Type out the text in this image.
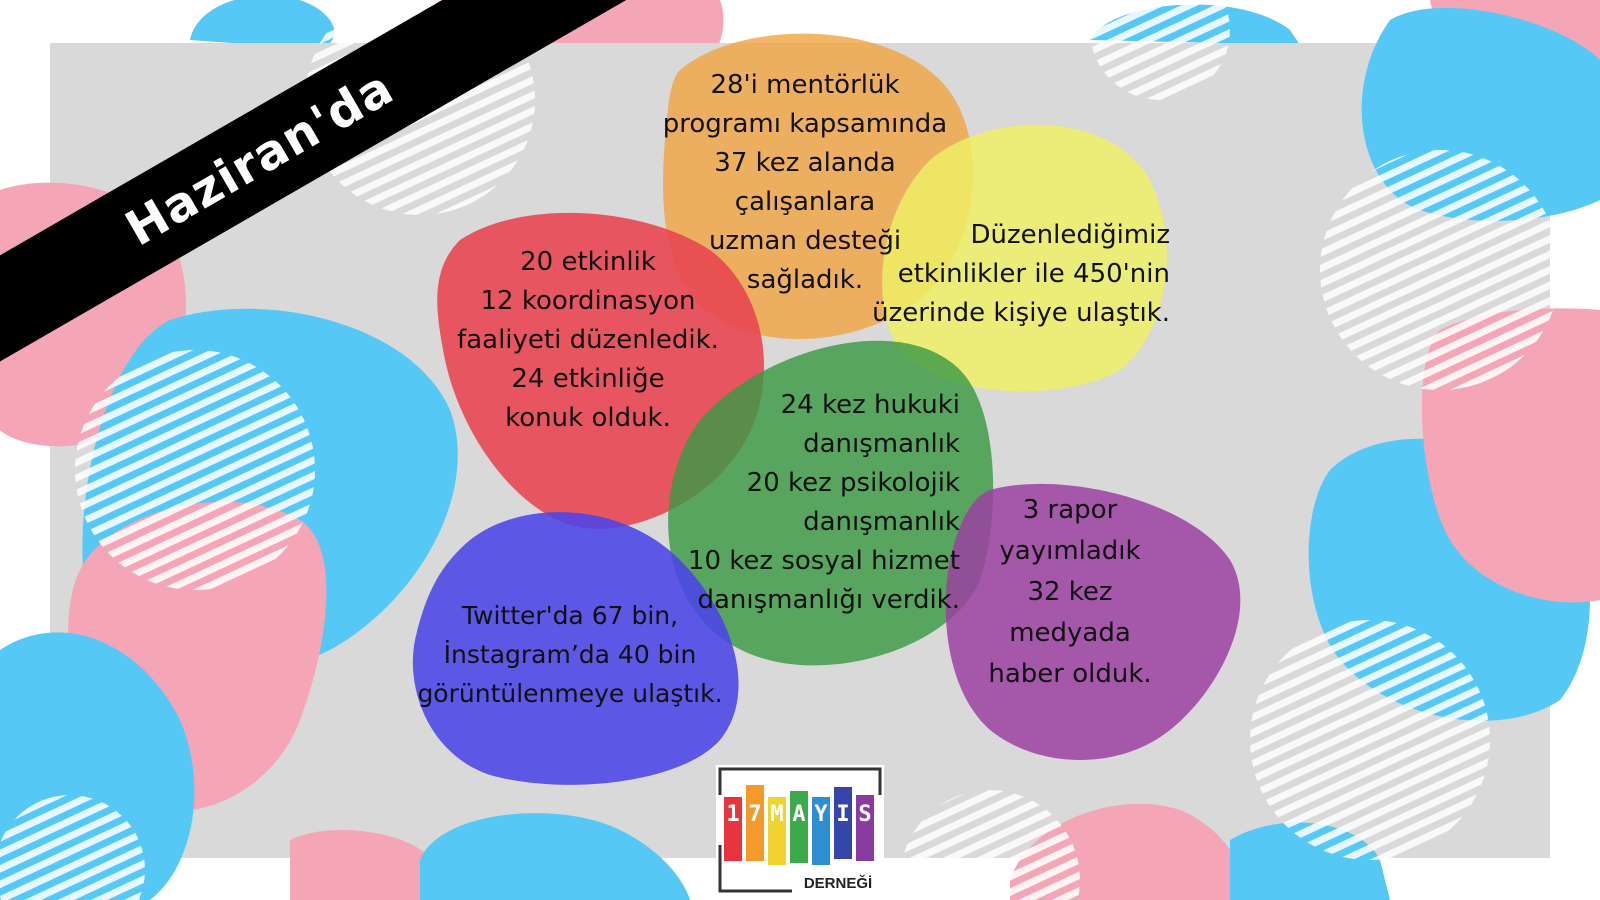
Haziran'da	28'i mentörlük
programı kapsamında
37 kez alanda
çalışanlara
uzman desteği
sağladık.
Düzenlediğimiz
etkinlikler ile 450'nin
üzerinde kişiye ulaştık.
20 etkinlik
12 koordinasyon
faaliyeti düzenledik.
24 etkinliğe
konuk olduk.	24 kez hukuki
danışmanlık
20 kez psikolojik
danışmanlık
10 kez sosyal hizmet
danışmanlığı verdik.
Twitter'da 67 bin,
İnstagram’da 40 bin
görüntülenmeye ulaştık.
3 rapor
yayımladık
32 kez
medyada
haber olduk.
1 7 M A Y I S
DERNEĞİ
